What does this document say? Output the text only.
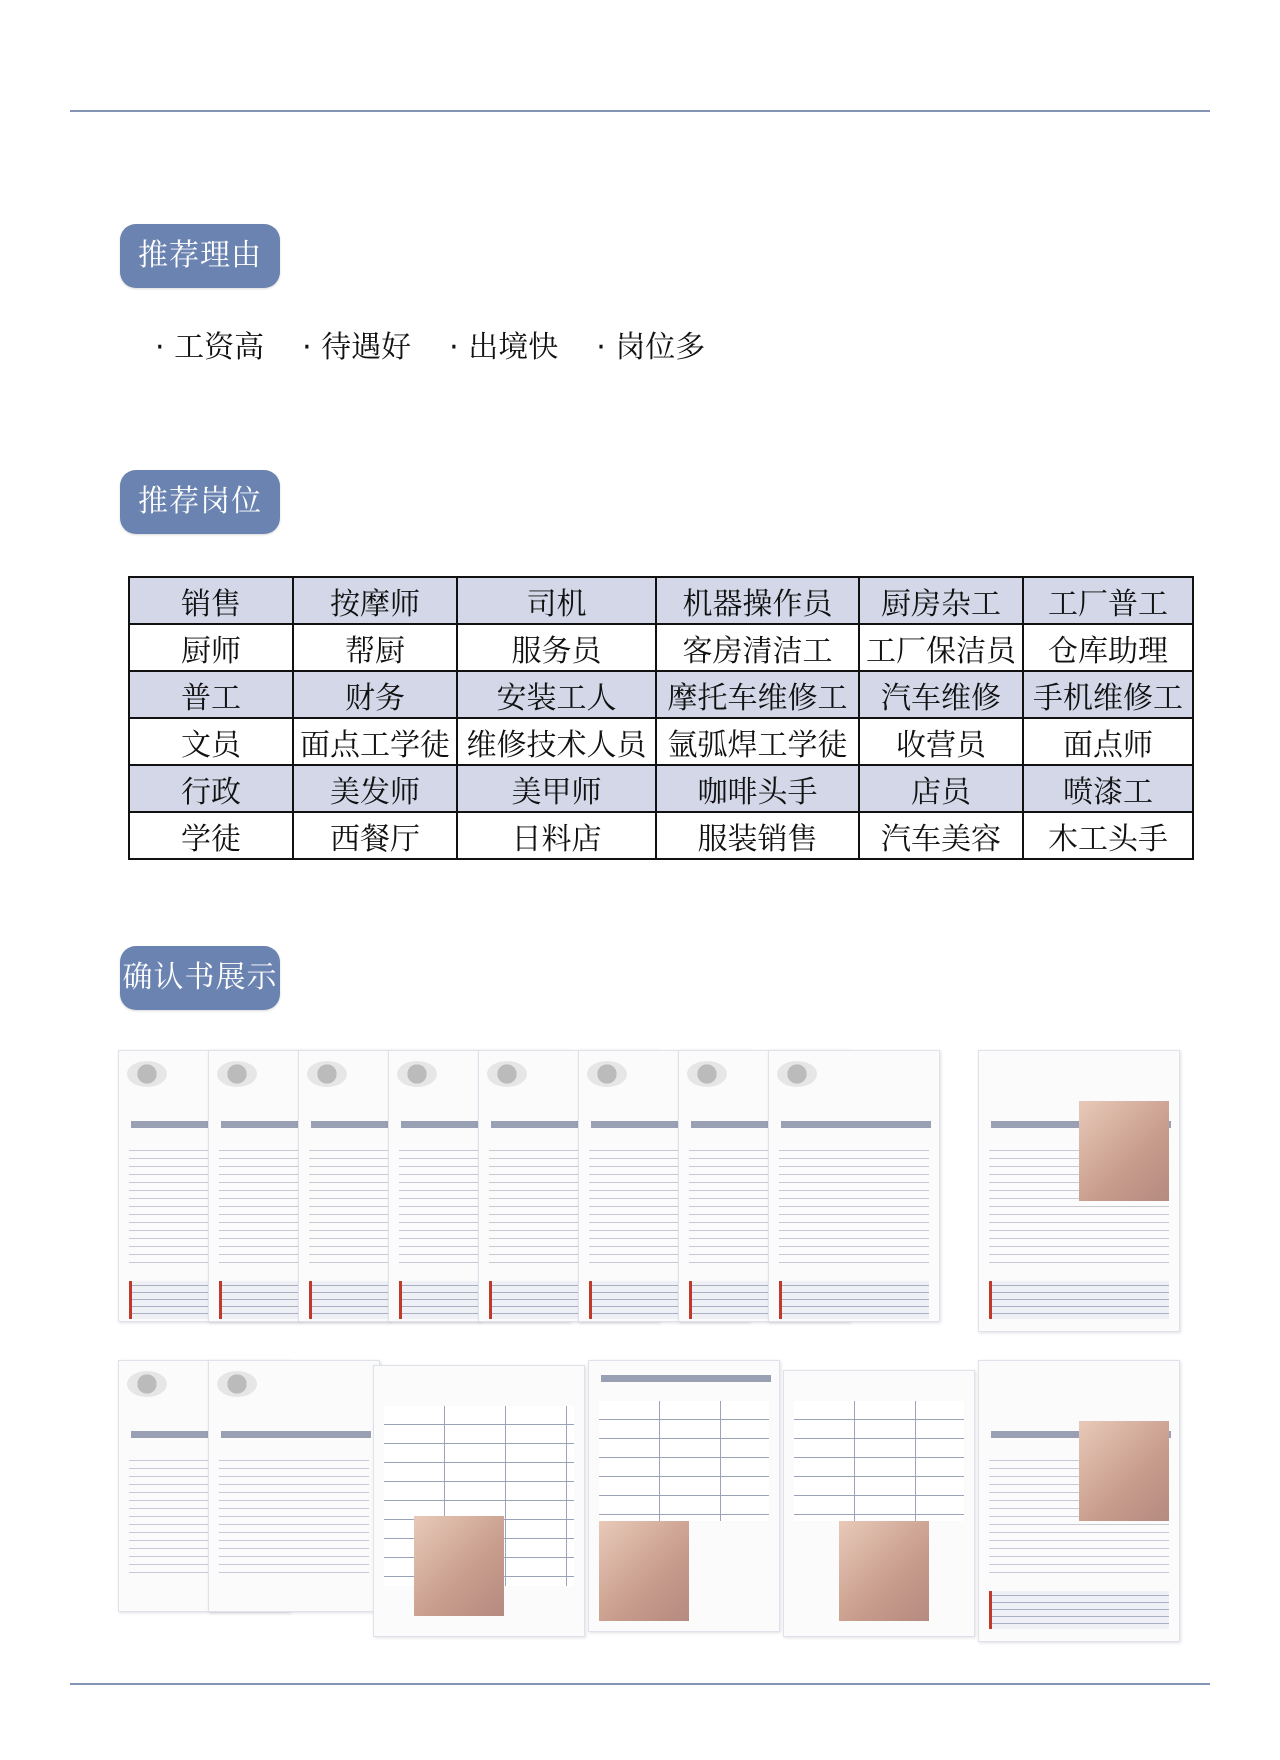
推荐理由
· 工资高	· 待遇好	· 出境快	· 岗位多
推荐岗位
销售	按摩师	司机	机器操作员	厨房杂工	工厂普工
厨师	帮厨	服务员	客房清洁工	工厂保洁员	仓库助理
普工	财务	安装工人	摩托车维修工	汽车维修	手机维修工
文员	面点工学徒	维修技术人员	氩弧焊工学徒	收营员	面点师
行政	美发师	美甲师	咖啡头手	店员	喷漆工
学徒	西餐厅	日料店	服装销售	汽车美容	木工头手
确认书展示
